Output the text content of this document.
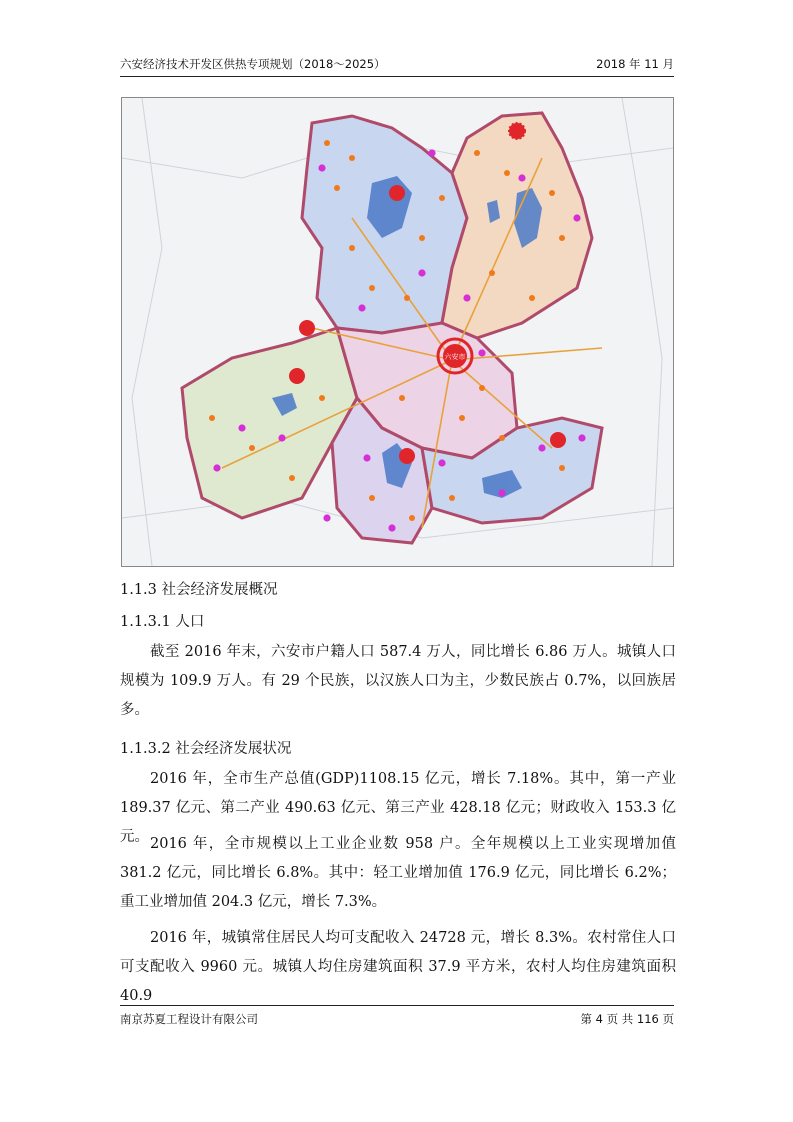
六安经济技术开发区供热专项规划（2018～2025）	2018 年 11 月
六安市
1.1.3 社会经济发展概况
1.1.3.1 人口
截至 2016 年末，六安市户籍人口 587.4 万人，同比增长 6.86 万人。城镇人口规模为 109.9 万人。有 29 个民族，以汉族人口为主，少数民族占 0.7%，以回族居多。
1.1.3.2 社会经济发展状况
2016 年，全市生产总值(GDP)1108.15 亿元，增长 7.18%。其中，第一产业 189.37 亿元、第二产业 490.63 亿元、第三产业 428.18 亿元；财政收入 153.3 亿元。 2016 年，全市规模以上工业企业数 958 户。全年规模以上工业实现增加值 381.2 亿元，同比增长 6.8%。其中：轻工业增加值 176.9 亿元，同比增长 6.2%；重工业增加值 204.3 亿元，增长 7.3%。
2016 年，城镇常住居民人均可支配收入 24728 元，增长 8.3%。农村常住人口可支配收入 9960 元。城镇人均住房建筑面积 37.9 平方米，农村人均住房建筑面积 40.9
南京苏夏工程设计有限公司	第 4 页 共 116 页
